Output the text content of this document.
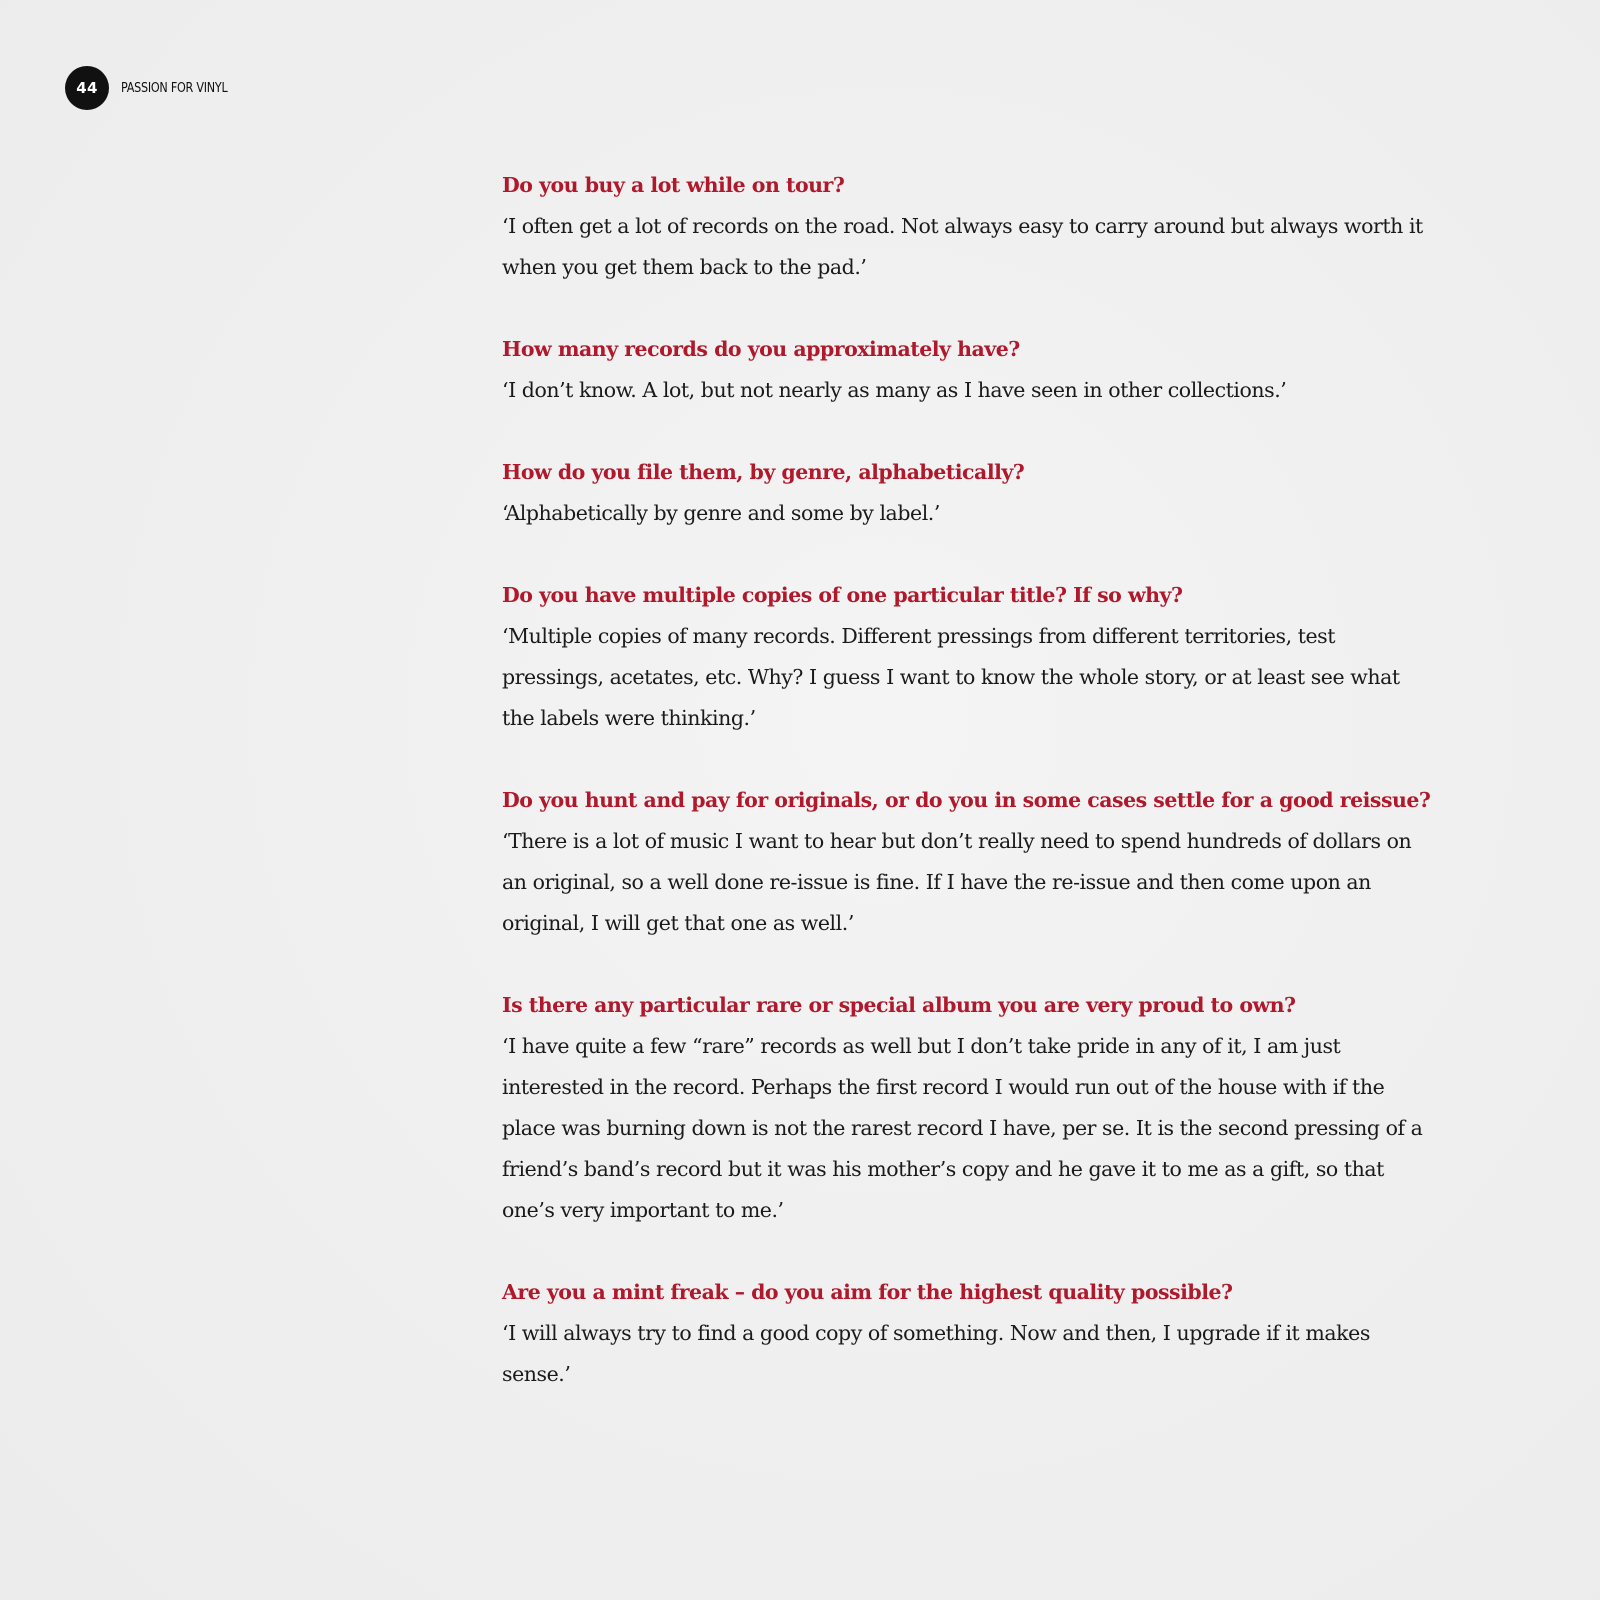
44	PASSION FOR VINYL

Do you buy a lot while on tour?

‘I often get a lot of records on the road. Not always easy to carry around but always worth it when you get them back to the pad.’

How many records do you approximately have?

‘I don’t know. A lot, but not nearly as many as I have seen in other collections.’

How do you file them, by genre, alphabetically?

‘Alphabetically by genre and some by label.’

Do you have multiple copies of one particular title? If so why?

‘Multiple copies of many records. Different pressings from different territories, test pressings, acetates, etc. Why? I guess I want to know the whole story, or at least see what the labels were thinking.’

Do you hunt and pay for originals, or do you in some cases settle for a good reissue?

‘There is a lot of music I want to hear but don’t really need to spend hundreds of dollars on an original, so a well done re-issue is fine. If I have the re-issue and then come upon an original, I will get that one as well.’

Is there any particular rare or special album you are very proud to own?

‘I have quite a few “rare” records as well but I don’t take pride in any of it, I am just interested in the record. Perhaps the first record I would run out of the house with if the place was burning down is not the rarest record I have, per se. It is the second pressing of a friend’s band’s record but it was his mother’s copy and he gave it to me as a gift, so that one’s very important to me.’

Are you a mint freak – do you aim for the highest quality possible?

‘I will always try to find a good copy of something. Now and then, I upgrade if it makes sense.’
